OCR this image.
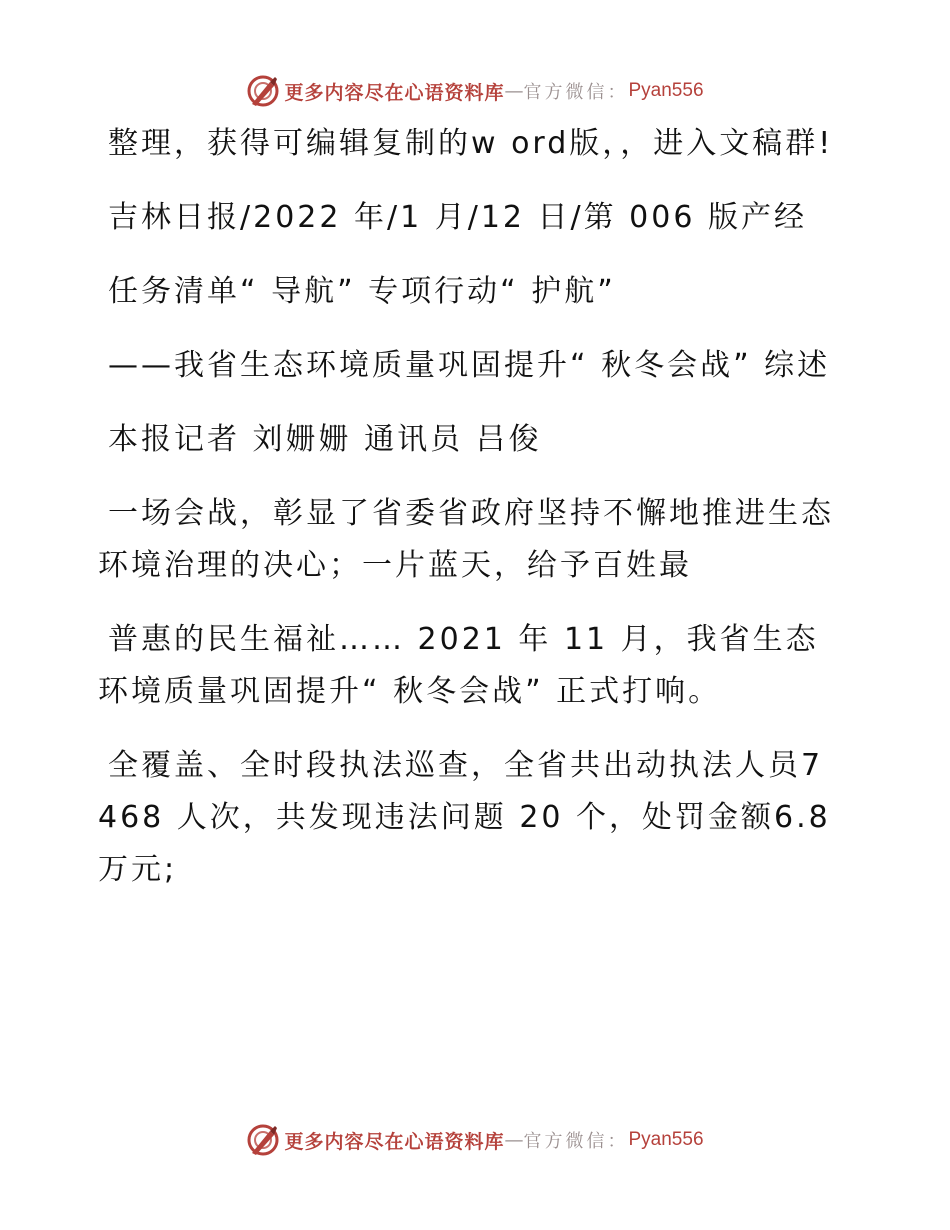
更多内容尽在心语资料库 — 官方微信： Pyan556

整理，获得可编辑复制的w ord版，，进入文稿群!

吉林日报/2022 年/1 月/12 日/第 006 版产经

任务清单“ 导航” 专项行动“ 护航”

——我省生态环境质量巩固提升“ 秋冬会战” 综述

本报记者 刘姗姗 通讯员 吕俊

一场会战，彰显了省委省政府坚持不懈地推进生态环境治理的决心；一片蓝天，给予百姓最

普惠的民生福祉…… 2021 年 11 月，我省生态环境质量巩固提升“ 秋冬会战” 正式打响。

全覆盖、全时段执法巡查，全省共出动执法人员7468 人次，共发现违法问题 20 个，处罚金额6.8 万元;

更多内容尽在心语资料库 — 官方微信： Pyan556
